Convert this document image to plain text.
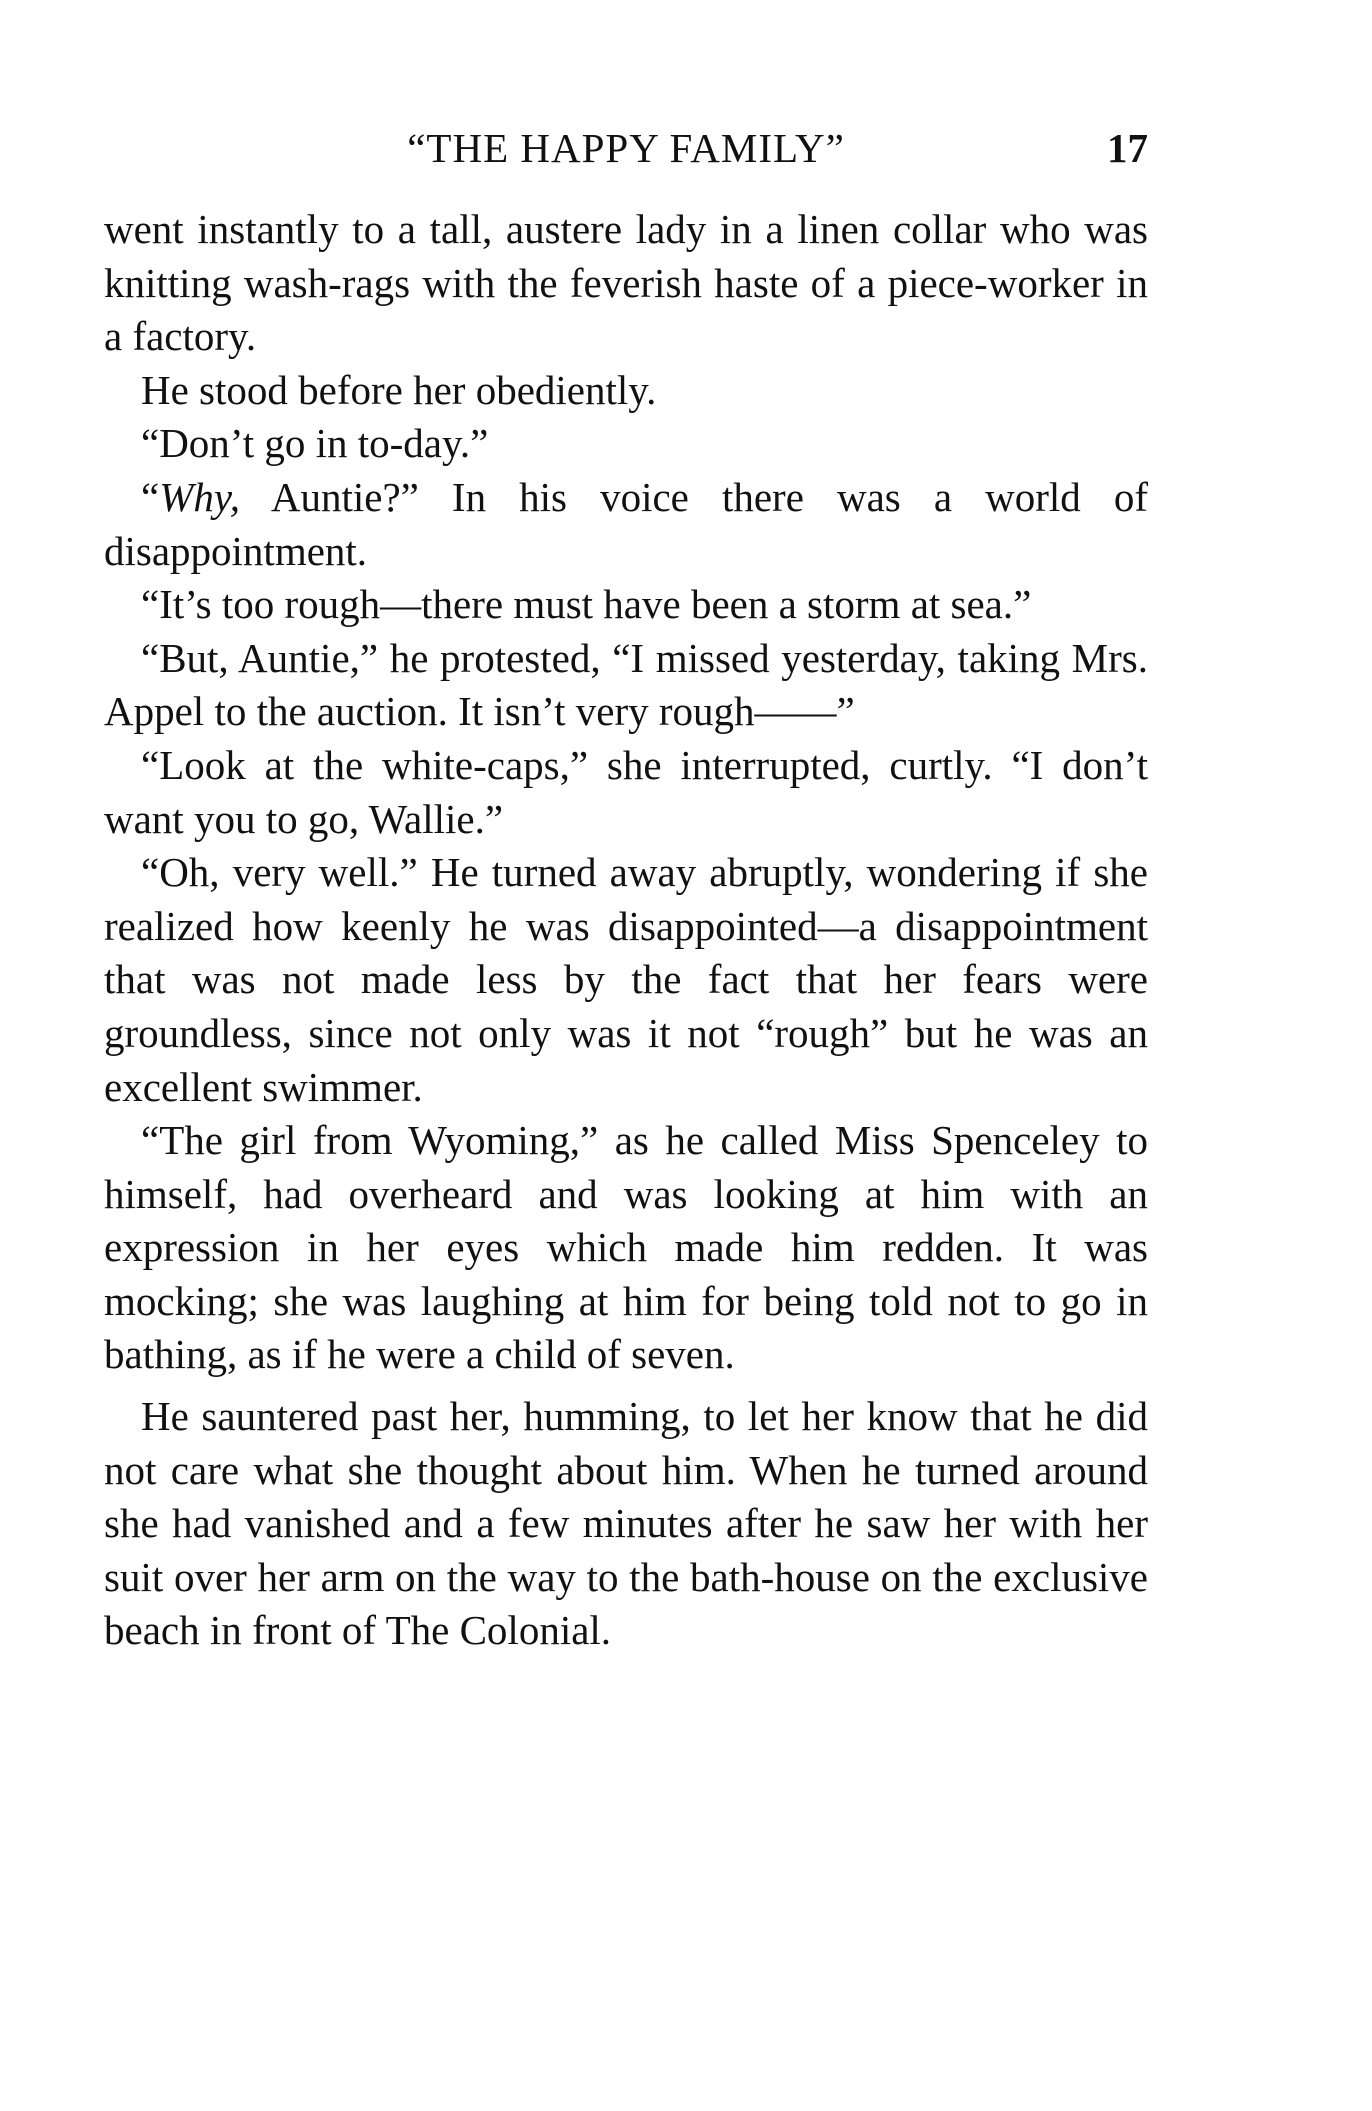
“THE HAPPY FAMILY”	17

went instantly to a tall, austere lady in a linen collar who was knitting wash-rags with the feverish haste of a piece-worker in a factory.

He stood before her obediently.

“Don’t go in to-day.”

“Why, Auntie?” In his voice there was a world of disappointment.

“It’s too rough—there must have been a storm at sea.”

“But, Auntie,” he protested, “I missed yesterday, taking Mrs. Appel to the auction. It isn’t very rough——”

“Look at the white-caps,” she interrupted, curtly. “I don’t want you to go, Wallie.”

“Oh, very well.” He turned away abruptly, wondering if she realized how keenly he was disappointed—a disappointment that was not made less by the fact that her fears were groundless, since not only was it not “rough” but he was an excellent swimmer.

“The girl from Wyoming,” as he called Miss Spenceley to himself, had overheard and was looking at him with an expression in her eyes which made him redden. It was mocking; she was laughing at him for being told not to go in bathing, as if he were a child of seven.

He sauntered past her, humming, to let her know that he did not care what she thought about him. When he turned around she had vanished and a few minutes after he saw her with her suit over her arm on the way to the bath-house on the exclusive beach in front of The Colonial.
